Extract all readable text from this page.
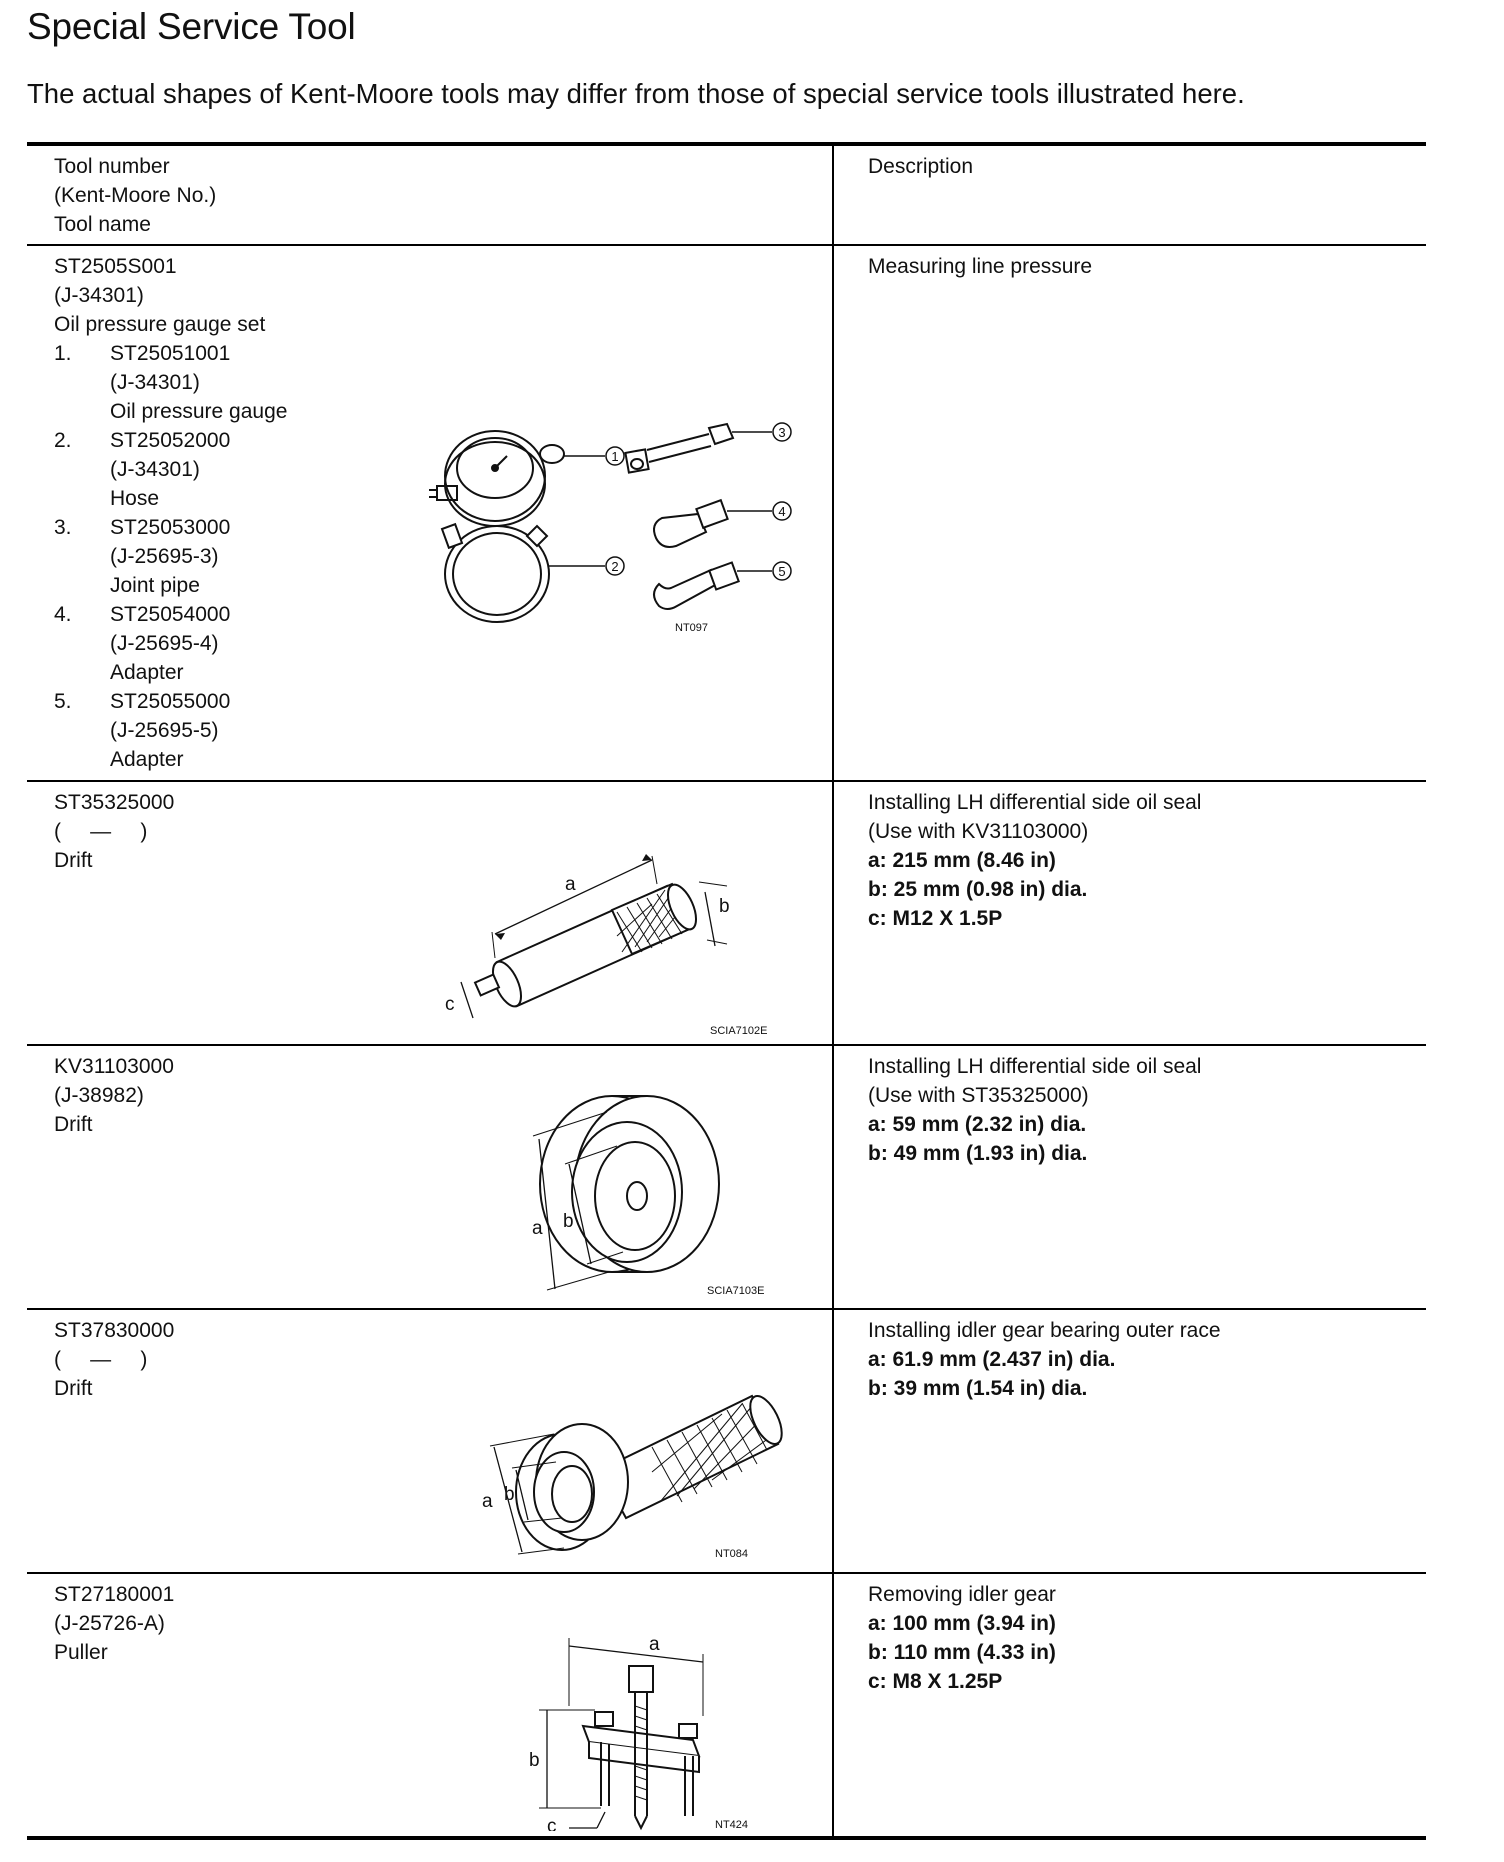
Special Service Tool
The actual shapes of Kent-Moore tools may differ from those of special service tools illustrated here.
Tool number
(Kent-Moore No.)
Tool name
Description
ST2505S001
(J-34301)
Oil pressure gauge set
1. ST25051001
(J-34301)
Oil pressure gauge
2. ST25052000
(J-34301)
Hose
3. ST25053000
(J-25695-3)
Joint pipe
4. ST25054000
(J-25695-4)
Adapter
5. ST25055000
(J-25695-5)
Adapter
1
2
3
4
5
NT097
Measuring line pressure
ST35325000
(     —     )
Drift
a
b
c
SCIA7102E
Installing LH differential side oil seal
(Use with KV31103000)
a: 215 mm (8.46 in)
b: 25 mm (0.98 in) dia.
c: M12 X 1.5P
KV31103000
(J-38982)
Drift
a b
SCIA7103E
Installing LH differential side oil seal
(Use with ST35325000)
a: 59 mm (2.32 in) dia.
b: 49 mm (1.93 in) dia.
ST37830000
(     —     )
Drift
a b
NT084
Installing idler gear bearing outer race
a: 61.9 mm (2.437 in) dia.
b: 39 mm (1.54 in) dia.
ST27180001
(J-25726-A)
Puller	a
b
c	NT424
Removing idler gear
a: 100 mm (3.94 in)
b: 110 mm (4.33 in)
c: M8 X 1.25P
